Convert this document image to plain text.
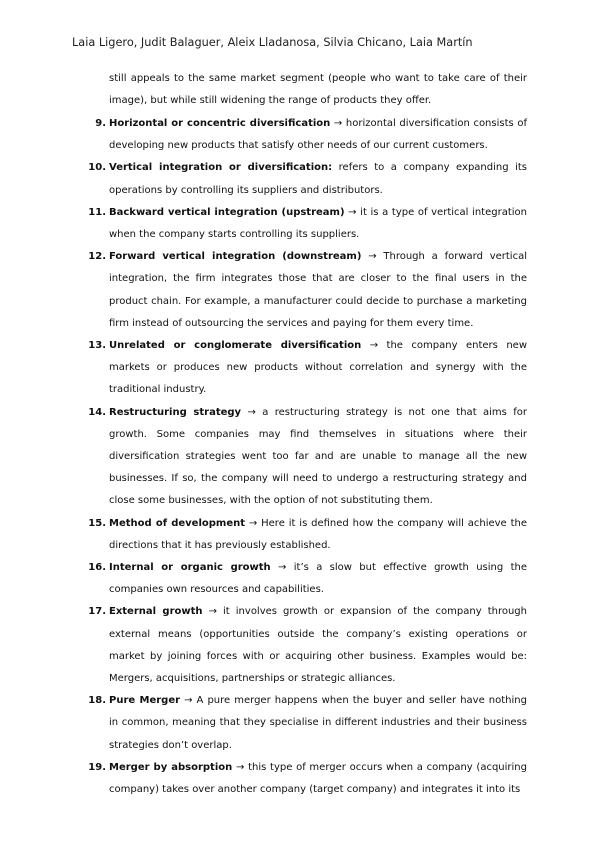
Laia Ligero, Judit Balaguer, Aleix Lladanosa, Silvia Chicano, Laia Martín
still appeals to the same market segment (people who want to take care of their image), but while still widening the range of products they offer.
9. Horizontal or concentric diversification → horizontal diversification consists of developing new products that satisfy other needs of our current customers.
10. Vertical integration or diversification: refers to a company expanding its operations by controlling its suppliers and distributors.
11. Backward vertical integration (upstream) → it is a type of vertical integration when the company starts controlling its suppliers.
12. Forward vertical integration (downstream) → Through a forward vertical integration, the firm integrates those that are closer to the final users in the product chain. For example, a manufacturer could decide to purchase a marketing firm instead of outsourcing the services and paying for them every time.
13. Unrelated or conglomerate diversification → the company enters new markets or produces new products without correlation and synergy with the traditional industry.
14. Restructuring strategy → a restructuring strategy is not one that aims for growth. Some companies may find themselves in situations where their diversification strategies went too far and are unable to manage all the new businesses. If so, the company will need to undergo a restructuring strategy and close some businesses, with the option of not substituting them.
15. Method of development → Here it is defined how the company will achieve the directions that it has previously established.
16. Internal or organic growth → it’s a slow but effective growth using the companies own resources and capabilities.
17. External growth → it involves growth or expansion of the company through external means (opportunities outside the company’s existing operations or market by joining forces with or acquiring other business. Examples would be: Mergers, acquisitions, partnerships or strategic alliances.
18. Pure Merger → A pure merger happens when the buyer and seller have nothing in common, meaning that they specialise in different industries and their business strategies don’t overlap.
19. Merger by absorption → this type of merger occurs when a company (acquiring company) takes over another company (target company) and integrates it into its
